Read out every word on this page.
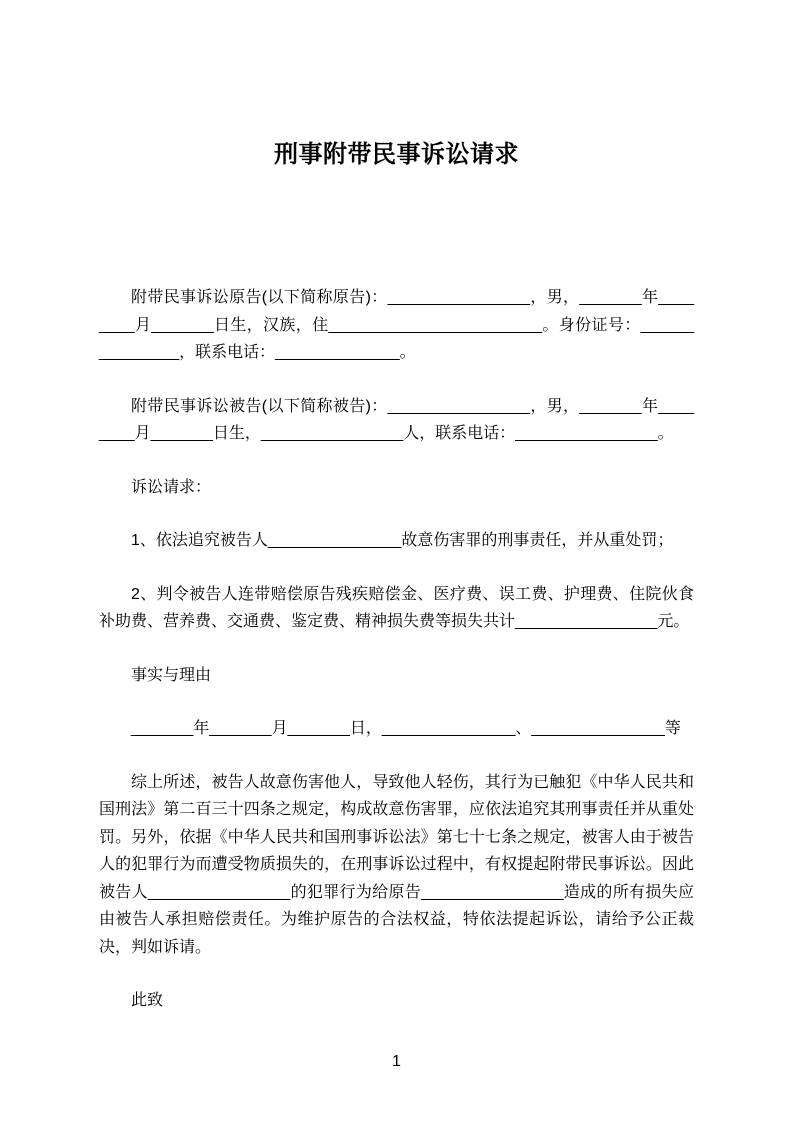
刑事附带民事诉讼请求

附带民事诉讼原告(以下简称原告)：________________，男，_______年________月_______日生，汉族，住________________________。身份证号：_______________，联系电话：______________。

附带民事诉讼被告(以下简称被告)：________________，男，_______年________月_______日生，________________人，联系电话：________________。

诉讼请求：

1、依法追究被告人_______________故意伤害罪的刑事责任，并从重处罚；

2、判令被告人连带赔偿原告残疾赔偿金、医疗费、误工费、护理费、住院伙食补助费、营养费、交通费、鉴定费、精神损失费等损失共计________________元。

事实与理由

_______年_______月_______日，_______________、_______________等

综上所述，被告人故意伤害他人，导致他人轻伤，其行为已触犯《中华人民共和国刑法》第二百三十四条之规定，构成故意伤害罪，应依法追究其刑事责任并从重处罚。另外，依据《中华人民共和国刑事诉讼法》第七十七条之规定，被害人由于被告人的犯罪行为而遭受物质损失的，在刑事诉讼过程中，有权提起附带民事诉讼。因此被告人________________的犯罪行为给原告________________造成的所有损失应由被告人承担赔偿责任。为维护原告的合法权益，特依法提起诉讼，请给予公正裁决，判如诉请。

此致

1
